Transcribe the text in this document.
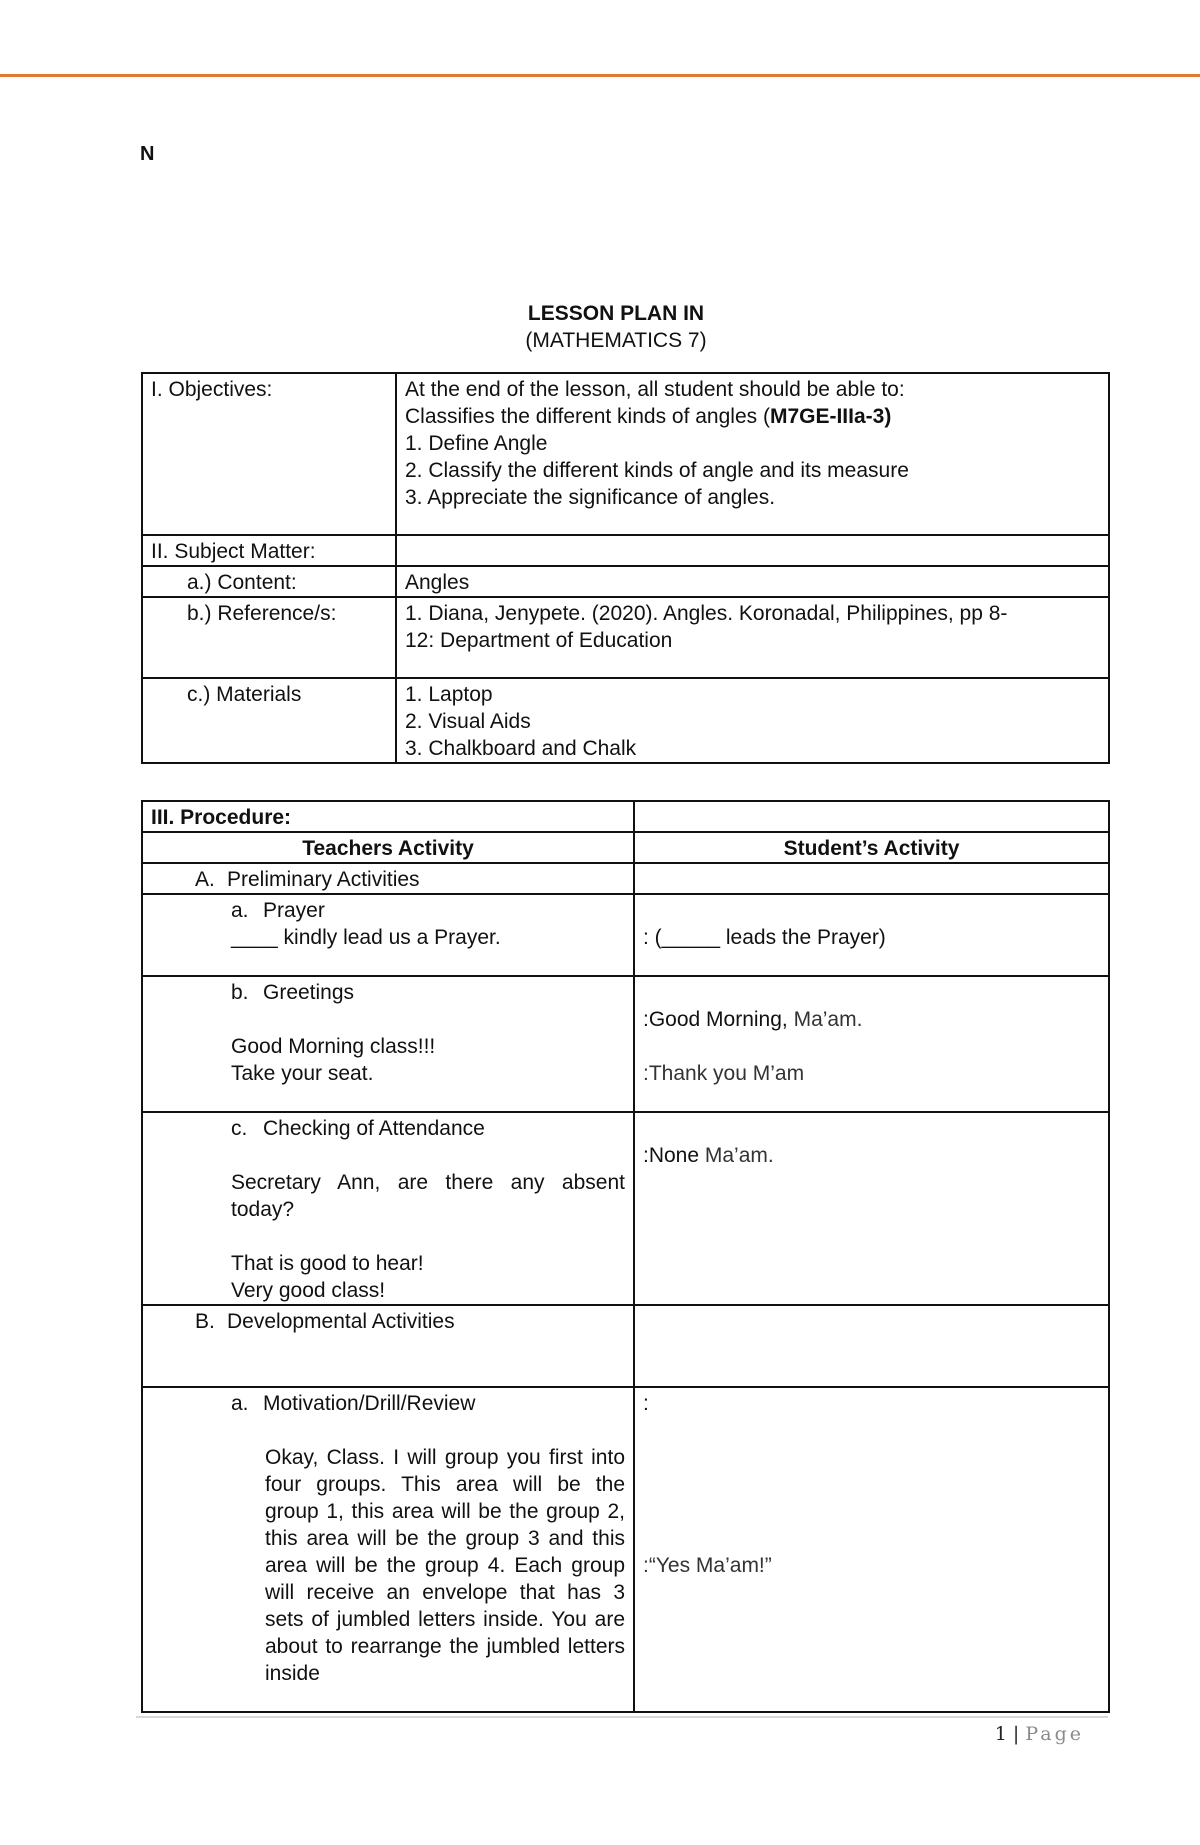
N
LESSON PLAN IN
(MATHEMATICS 7)
I. Objectives:	At the end of the lesson, all student should be able to:
Classifies the different kinds of angles (M7GE-IIIa-3)
1. Define Angle
2. Classify the different kinds of angle and its measure
3. Appreciate the significance of angles.

II. Subject Matter:	
a.) Content:	Angles
b.) Reference/s:	1. Diana, Jenypete. (2020). Angles. Koronadal, Philippines, pp 8-
12: Department of Education

c.) Materials	1. Laptop
2. Visual Aids
3. Chalkboard and Chalk
III. Procedure:	
Teachers Activity	Student’s Activity

A. Preliminary Activities	

a. Prayer
____ kindly lead us a Prayer.	: (_____ leads the Prayer)

b. Greetings
Good Morning class!!!
Take your seat.	:Good Morning, Ma’am.
:Thank you M’am

c. Checking of Attendance
Secretary Ann, are there any absent today?
That is good to hear!
Very good class!	:None Ma’am.

B. Developmental Activities	

a. Motivation/Drill/Review
Okay, Class. I will group you first into four groups. This area will be the group 1, this area will be the group 2, this area will be the group 3 and this area will be the group 4. Each group will receive an envelope that has 3 sets of jumbled letters inside. You are about to rearrange the jumbled letters inside	:
:“Yes Ma’am!”
1 | Page
